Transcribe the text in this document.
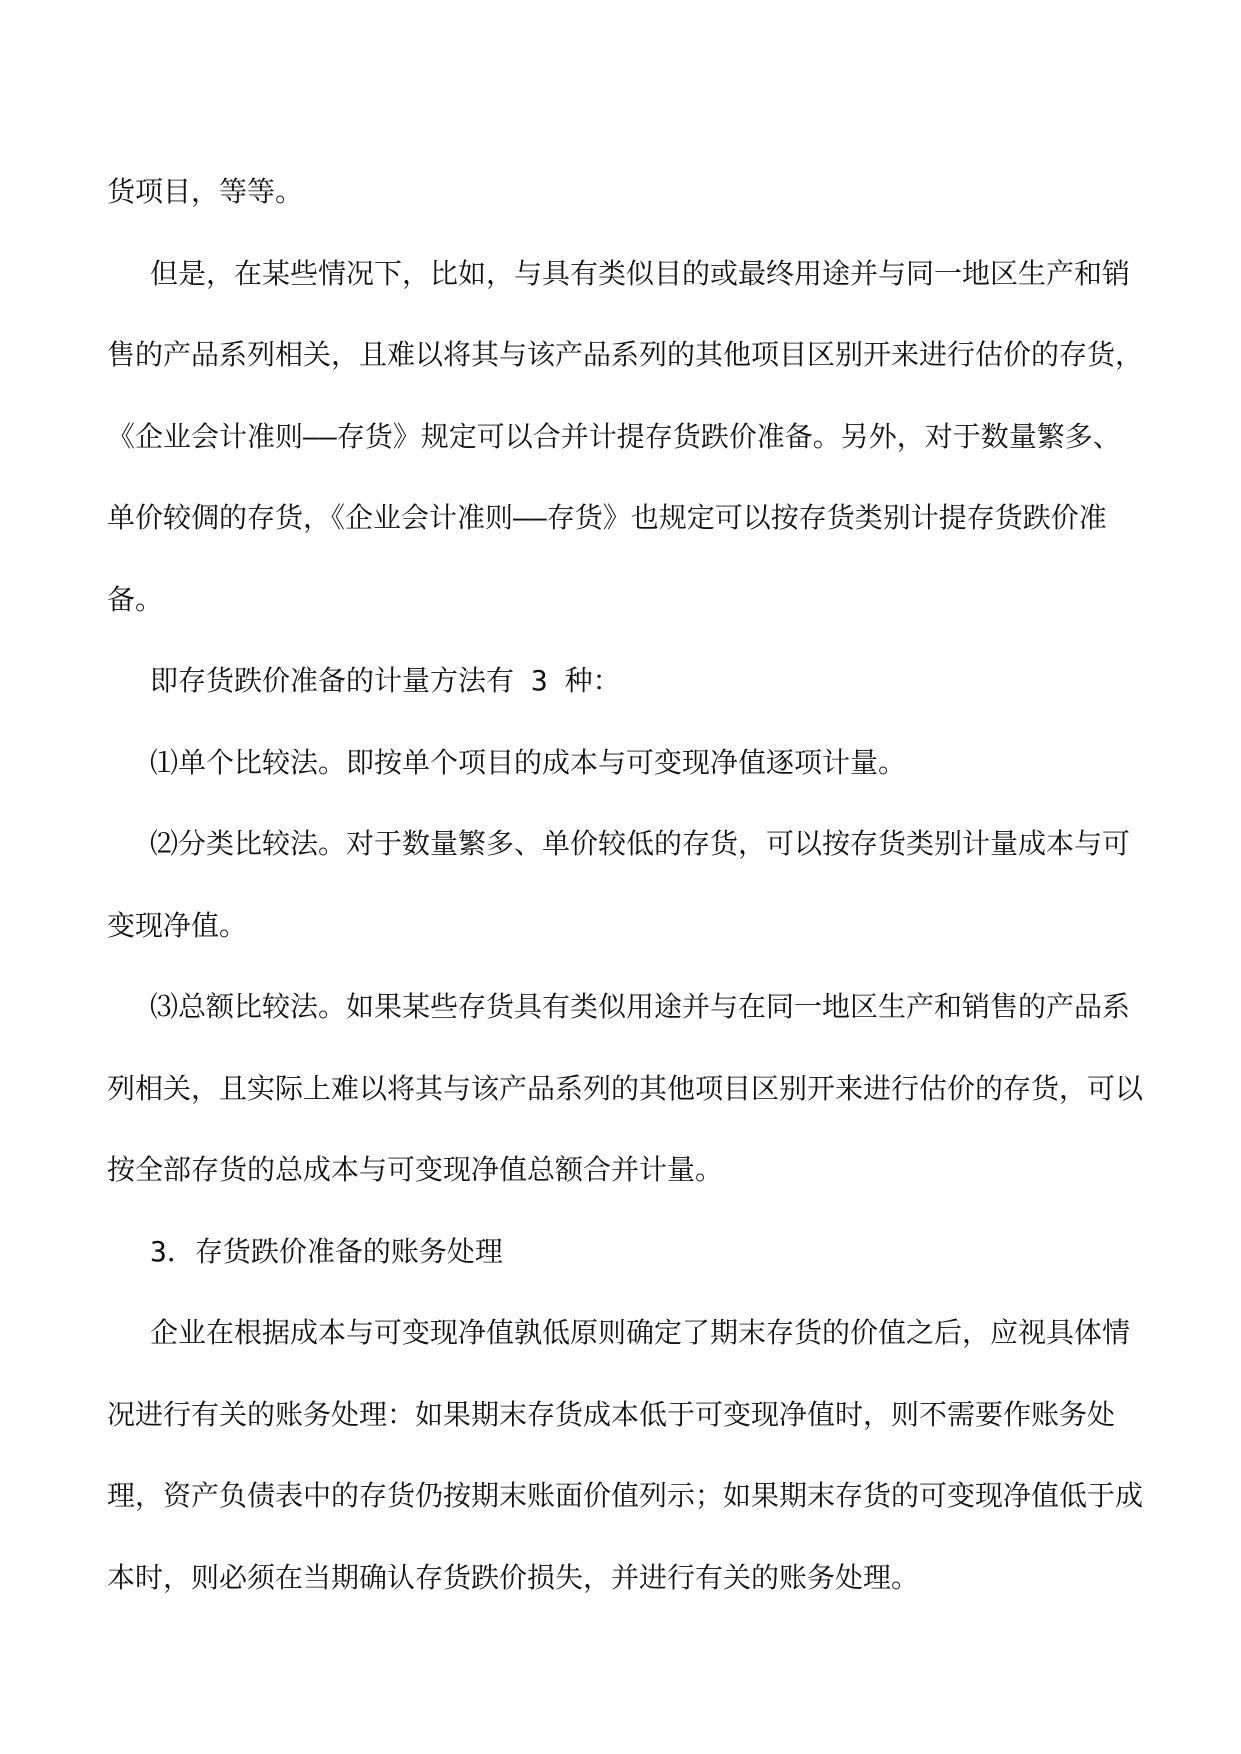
货项目，等等。

但是，在某些情况下，比如，与具有类似目的或最终用途并与同一地区生产和销售的产品系列相关，且难以将其与该产品系列的其他项目区别开来进行估价的存货，《企业会计准则——存货》规定可以合并计提存货跌价准备。另外，对于数量繁多、单价较倜的存货，《企业会计准则——存货》也规定可以按存货类别计提存货跌价准备。

即存货跌价准备的计量方法有 3 种：

⑴单个比较法。即按单个项目的成本与可变现净值逐项计量。

⑵分类比较法。对于数量繁多、单价较低的存货，可以按存货类别计量成本与可变现净值。

⑶总额比较法。如果某些存货具有类似用途并与在同一地区生产和销售的产品系列相关，且实际上难以将其与该产品系列的其他项目区别开来进行估价的存货，可以按全部存货的总成本与可变现净值总额合并计量。

3．存货跌价准备的账务处理

企业在根据成本与可变现净值孰低原则确定了期末存货的价值之后，应视具体情况进行有关的账务处理：如果期末存货成本低于可变现净值时，则不需要作账务处理，资产负债表中的存货仍按期末账面价值列示；如果期末存货的可变现净值低于成本时，则必须在当期确认存货跌价损失，并进行有关的账务处理。
